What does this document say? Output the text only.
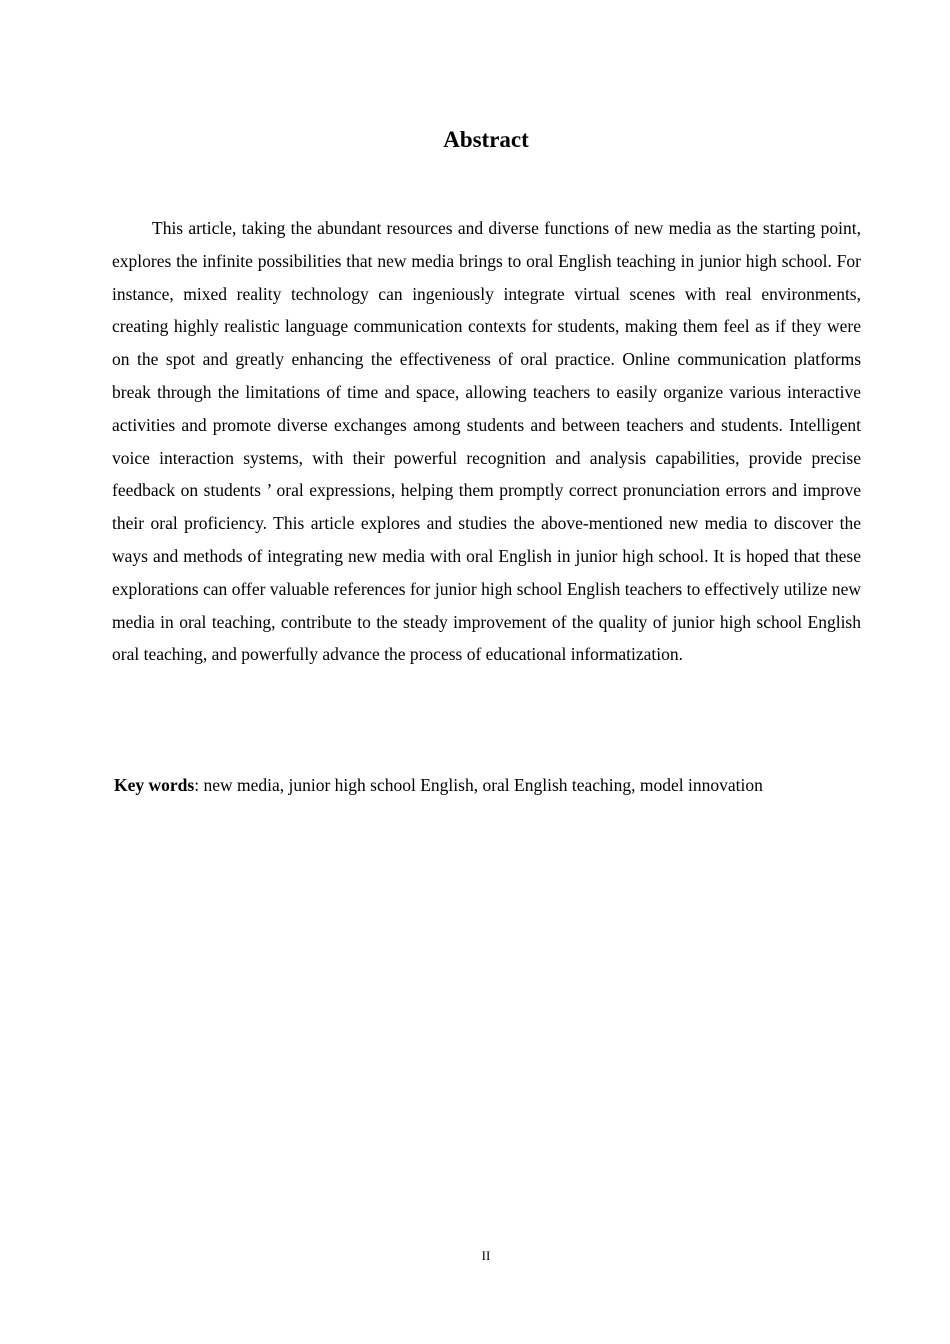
Abstract

This article, taking the abundant resources and diverse functions of new media as the starting point, explores the infinite possibilities that new media brings to oral English teaching in junior high school. For instance, mixed reality technology can ingeniously integrate virtual scenes with real environments, creating highly realistic language communication contexts for students, making them feel as if they were on the spot and greatly enhancing the effectiveness of oral practice. Online communication platforms break through the limitations of time and space, allowing teachers to easily organize various interactive activities and promote diverse exchanges among students and between teachers and students. Intelligent voice interaction systems, with their powerful recognition and analysis capabilities, provide precise feedback on students ’ oral expressions, helping them promptly correct pronunciation errors and improve their oral proficiency. This article explores and studies the above-mentioned new media to discover the ways and methods of integrating new media with oral English in junior high school. It is hoped that these explorations can offer valuable references for junior high school English teachers to effectively utilize new media in oral teaching, contribute to the steady improvement of the quality of junior high school English oral teaching, and powerfully advance the process of educational informatization.

Key words: new media, junior high school English, oral English teaching, model innovation

II
